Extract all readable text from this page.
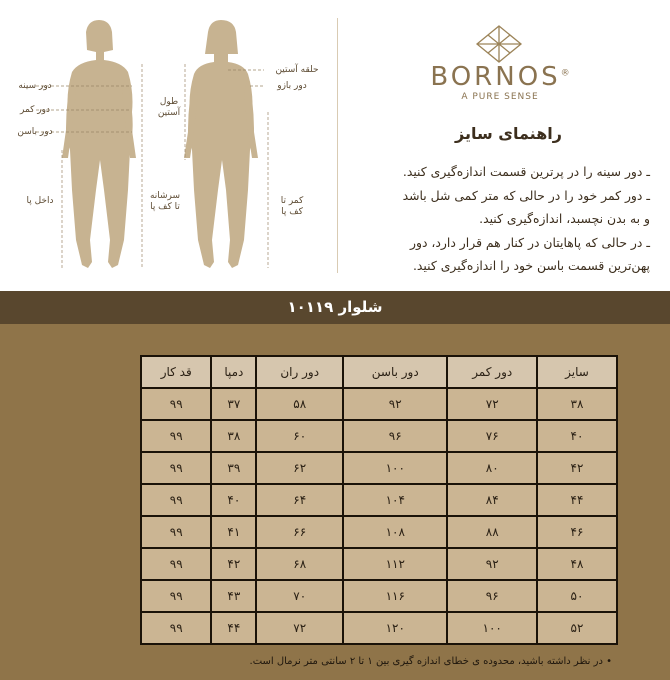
دور سینه
دور کمر
دور باسن
داخل پا	سرشانه
تا کف پا
طول
آستین
حلقه آستین
دور بازو
کمر تا
کف پا
BORNOS®
A PURE SENSE
راهنمای سایز
ـ دور سینه را در پرترین قسمت اندازه‌گیری کنید.
ـ دور کمر خود را در حالی که متر کمی شل باشد
و به بدن نچسبد، اندازه‌گیری کنید.
ـ در حالی که پاهایتان در کنار هم قرار دارد، دور
پهن‌ترین قسمت باسن خود را اندازه‌گیری کنید.
شلوار ۱۰۱۱۹
سایز	دور کمر	دور باسن	دور ران	دمپا	قد کار
۳۸	۷۲	۹۲	۵۸	۳۷	۹۹
۴۰	۷۶	۹۶	۶۰	۳۸	۹۹
۴۲	۸۰	۱۰۰	۶۲	۳۹	۹۹
۴۴	۸۴	۱۰۴	۶۴	۴۰	۹۹
۴۶	۸۸	۱۰۸	۶۶	۴۱	۹۹
۴۸	۹۲	۱۱۲	۶۸	۴۲	۹۹
۵۰	۹۶	۱۱۶	۷۰	۴۳	۹۹
۵۲	۱۰۰	۱۲۰	۷۲	۴۴	۹۹
• در نظر داشته باشید، محدوده ی خطای اندازه گیری بین ۱ تا ۲ سانتی متر نرمال است.
